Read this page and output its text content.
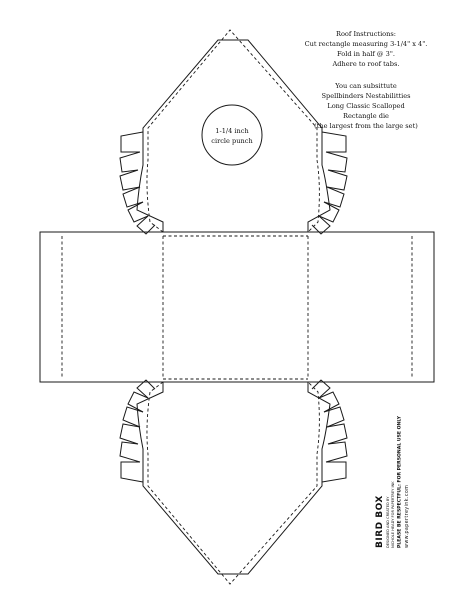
1-1/4 inch
circle punch
Roof Instructions:
Cut rectangle measuring 3-1/4" x 4".
Fold in half @ 3".
Adhere to roof tabs.
You can subsittute
Spellbinders Nestabilitties
Long Classic Scalloped
Rectangle die
(the largest from the large set)
BIRD BOX DESIGNED AND CREATED BY NICHOLE HEADY FOR PAPERTREY INK PLEASE BE RESPECTFUL: FOR PERSONAL USE ONLY www.papertreyink.com
